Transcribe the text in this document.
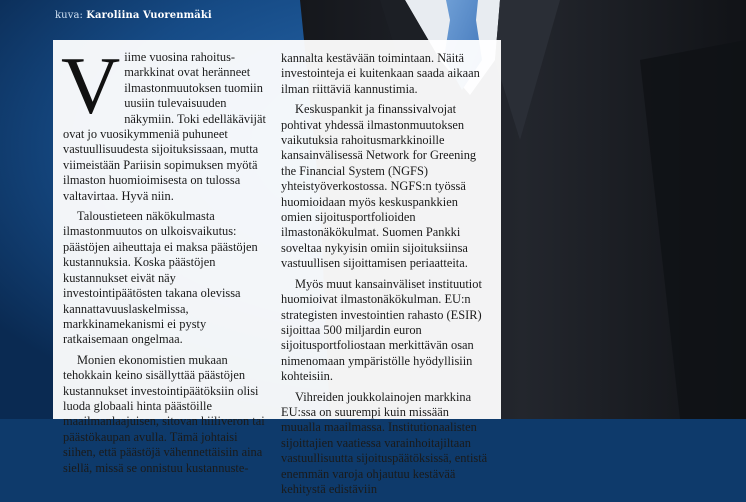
kuva: Karoliina Vuorenmäki

Viime vuosina rahoitus-markkinat ovat heränneet ilmastonmuutoksen tuomiin uusiin tulevaisuuden näkymiin. Toki edelläkävijät ovat jo vuosikymmeniä puhuneet vastuullisuudesta sijoituksissaan, mutta viimeistään Pariisin sopimuksen myötä ilmaston huomioimisesta on tulossa valtavirtaa. Hyvä niin.

Taloustieteen näkökulmasta ilmastonmuutos on ulkoisvaikutus: päästöjen aiheuttaja ei maksa päästöjen kustannuksia. Koska päästöjen kustannukset eivät näy investointipäätösten takana olevissa kannattavuuslaskelmissa, markkinamekanismi ei pysty ratkaisemaan ongelmaa.

Monien ekonomistien mukaan tehokkain keino sisällyttää päästöjen kustannukset investointipäätöksiin olisi luoda globaali hinta päästöille maailmanlaajuisen, sitovan hiiliveron tai päästökaupan avulla. Tämä johtaisi siihen, että päästöjä vähennettäisiin aina siellä, missä se onnistuu kustannuste-

kannalta kestävään toimintaan. Näitä investointeja ei kuitenkaan saada aikaan ilman riittäviä kannustimia.

Keskuspankit ja finanssivalvojat pohtivat yhdessä ilmastonmuutoksen vaikutuksia rahoitusmarkkinoille kansainvälisessä Network for Greening the Financial System (NGFS) yhteistyöverkostossa. NGFS:n työssä huomioidaan myös keskuspankkien omien sijoitusportfolioiden ilmastonäkökulmat. Suomen Pankki soveltaa nykyisin omiin sijoituksiinsa vastuullisen sijoittamisen periaatteita.

Myös muut kansainväliset instituutiot huomioivat ilmastonäkökulman. EU:n strategisten investointien rahasto (ESIR) sijoittaa 500 miljardin euron sijoitusportfoliostaan merkittävän osan nimenomaan ympäristölle hyödyllisiin kohteisiin.

Vihreiden joukkolainojen markkina EU:ssa on suurempi kuin missään muualla maailmassa. Institutionaalisten sijoittajien vaatiessa varainhoitajiltaan vastuullisuutta sijoituspäätöksissä, entistä enemmän varoja ohjautuu kestävää kehitystä edistäviin
